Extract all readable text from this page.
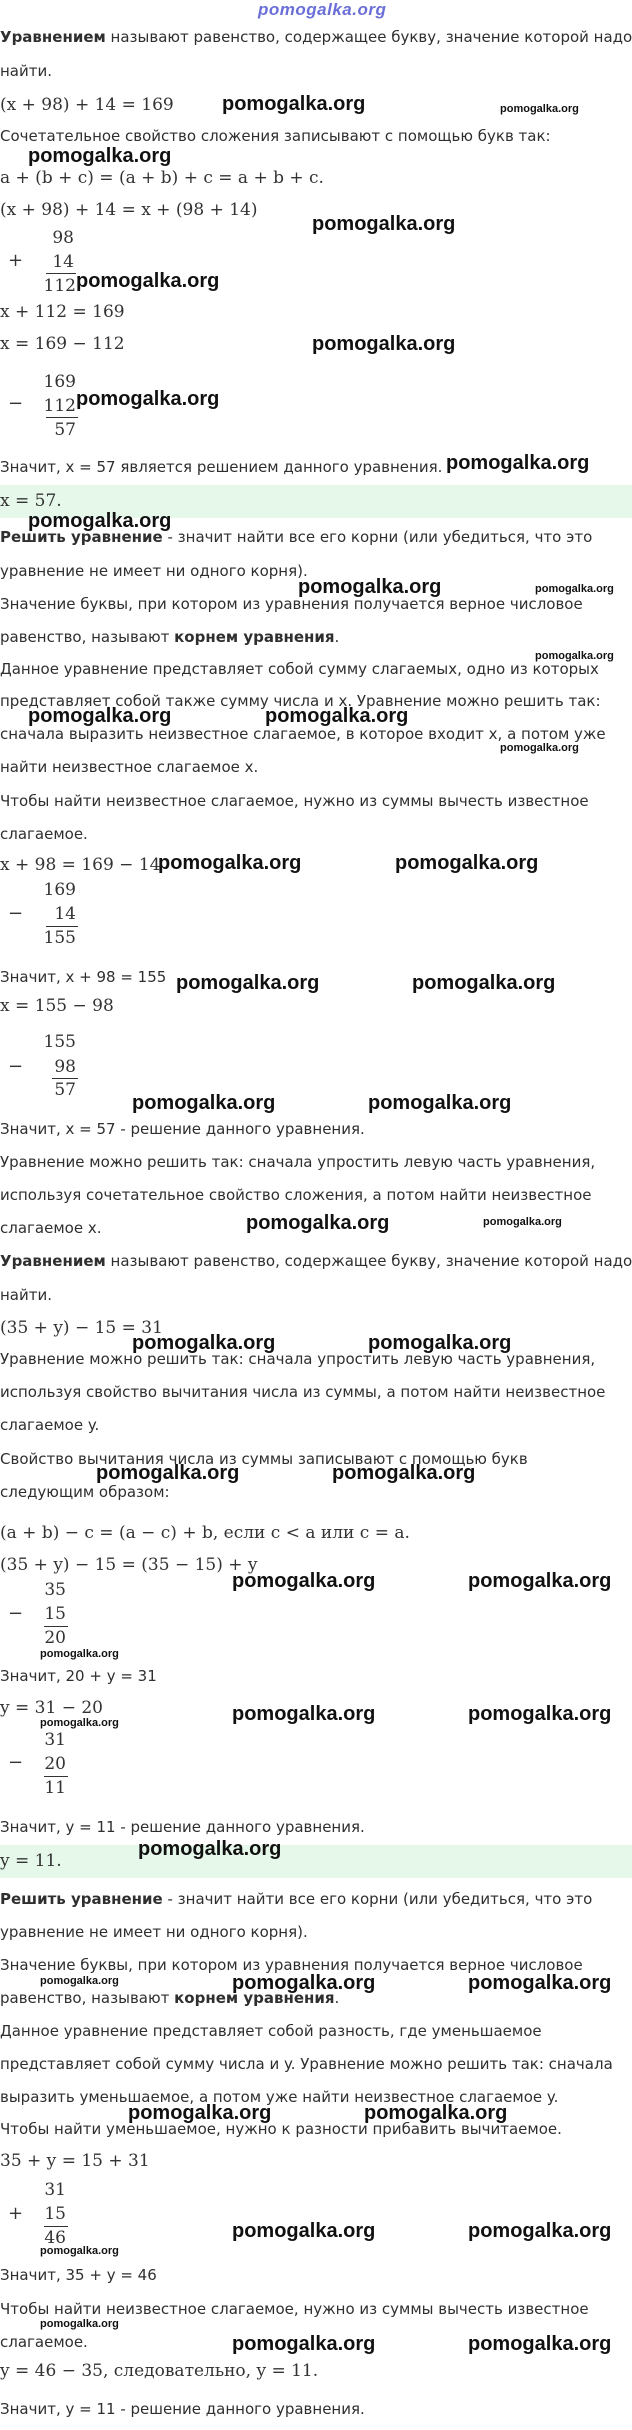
pomogalka.org
Уравнением называют равенство, содержащее букву, значение которой надо
найти.
(x + 98) + 14 = 169 pomogalka.org	pomogalka.org
Сочетательное свойство сложения записывают с помощью букв так:
pomogalka.org
a + (b + c) = (a + b) + c = a + b + c.
(x + 98) + 14 = x + (98 + 14)
pomogalka.org
98
+	14
112 pomogalka.org
x + 112 = 169
x = 169 − 112	pomogalka.org
169
− 112
57
pomogalka.org
Значит, x = 57 является решением данного уравнения. pomogalka.org
x = 57.
pomogalka.org
Решить уравнение - значит найти все его корни (или убедиться, что это
уравнение не имеет ни одного корня).
pomogalka.org	pomogalka.org
Значение буквы, при котором из уравнения получается верное числовое
равенство, называют корнем уравнения.
pomogalka.org
Данное уравнение представляет собой сумму слагаемых, одно из которых
представляет собой также сумму числа и x. Уравнение можно решить так:
pomogalka.org	pomogalka.org
сначала выразить неизвестное слагаемое, в которое входит x, а потом уже
pomogalka.org
найти неизвестное слагаемое x.
Чтобы найти неизвестное слагаемое, нужно из суммы вычесть известное
слагаемое.
x + 98 = 169 − 14
pomogalka.org	pomogalka.org
169
−	14
155
Значит, x + 98 = 155 pomogalka.org	pomogalka.org
x = 155 − 98
155
−	98
57
pomogalka.org	pomogalka.org
Значит, x = 57 - решение данного уравнения.
Уравнение можно решить так: сначала упростить левую часть уравнения,
используя сочетательное свойство сложения, а потом найти неизвестное
pomogalka.org	pomogalka.org
слагаемое x.
Уравнением называют равенство, содержащее букву, значение которой надо
найти.
(35 + y) − 15 = 31
pomogalka.org	pomogalka.org
Уравнение можно решить так: сначала упростить левую часть уравнения,
используя свойство вычитания числа из суммы, а потом найти неизвестное
слагаемое y.
Свойство вычитания числа из суммы записывают с помощью букв
pomogalka.org	pomogalka.org
следующим образом:
(a + b) − c = (a − c) + b, если c < a или c = a.
(35 + y) − 15 = (35 − 15) + y
pomogalka.org	pomogalka.org
35
−	15
20
pomogalka.org
Значит, 20 + y = 31
y = 31 − 20
pomogalka.org	pomogalka.org	pomogalka.org
31
−	20
11
Значит, y = 11 - решение данного уравнения.
y = 11.
pomogalka.org
Решить уравнение - значит найти все его корни (или убедиться, что это
уравнение не имеет ни одного корня).
Значение буквы, при котором из уравнения получается верное числовое
pomogalka.org	pomogalka.org	pomogalka.org
равенство, называют корнем уравнения.
Данное уравнение представляет собой разность, где уменьшаемое
представляет собой сумму числа и y. Уравнение можно решить так: сначала
выразить уменьшаемое, а потом уже найти неизвестное слагаемое y.
pomogalka.org	pomogalka.org
Чтобы найти уменьшаемое, нужно к разности прибавить вычитаемое.
35 + y = 15 + 31
31
+	15
46
pomogalka.org
pomogalka.org	pomogalka.org
Значит, 35 + y = 46
Чтобы найти неизвестное слагаемое, нужно из суммы вычесть известное
pomogalka.org
слагаемое.	pomogalka.org	pomogalka.org
y = 46 − 35, следовательно, y = 11.
Значит, y = 11 - решение данного уравнения.
